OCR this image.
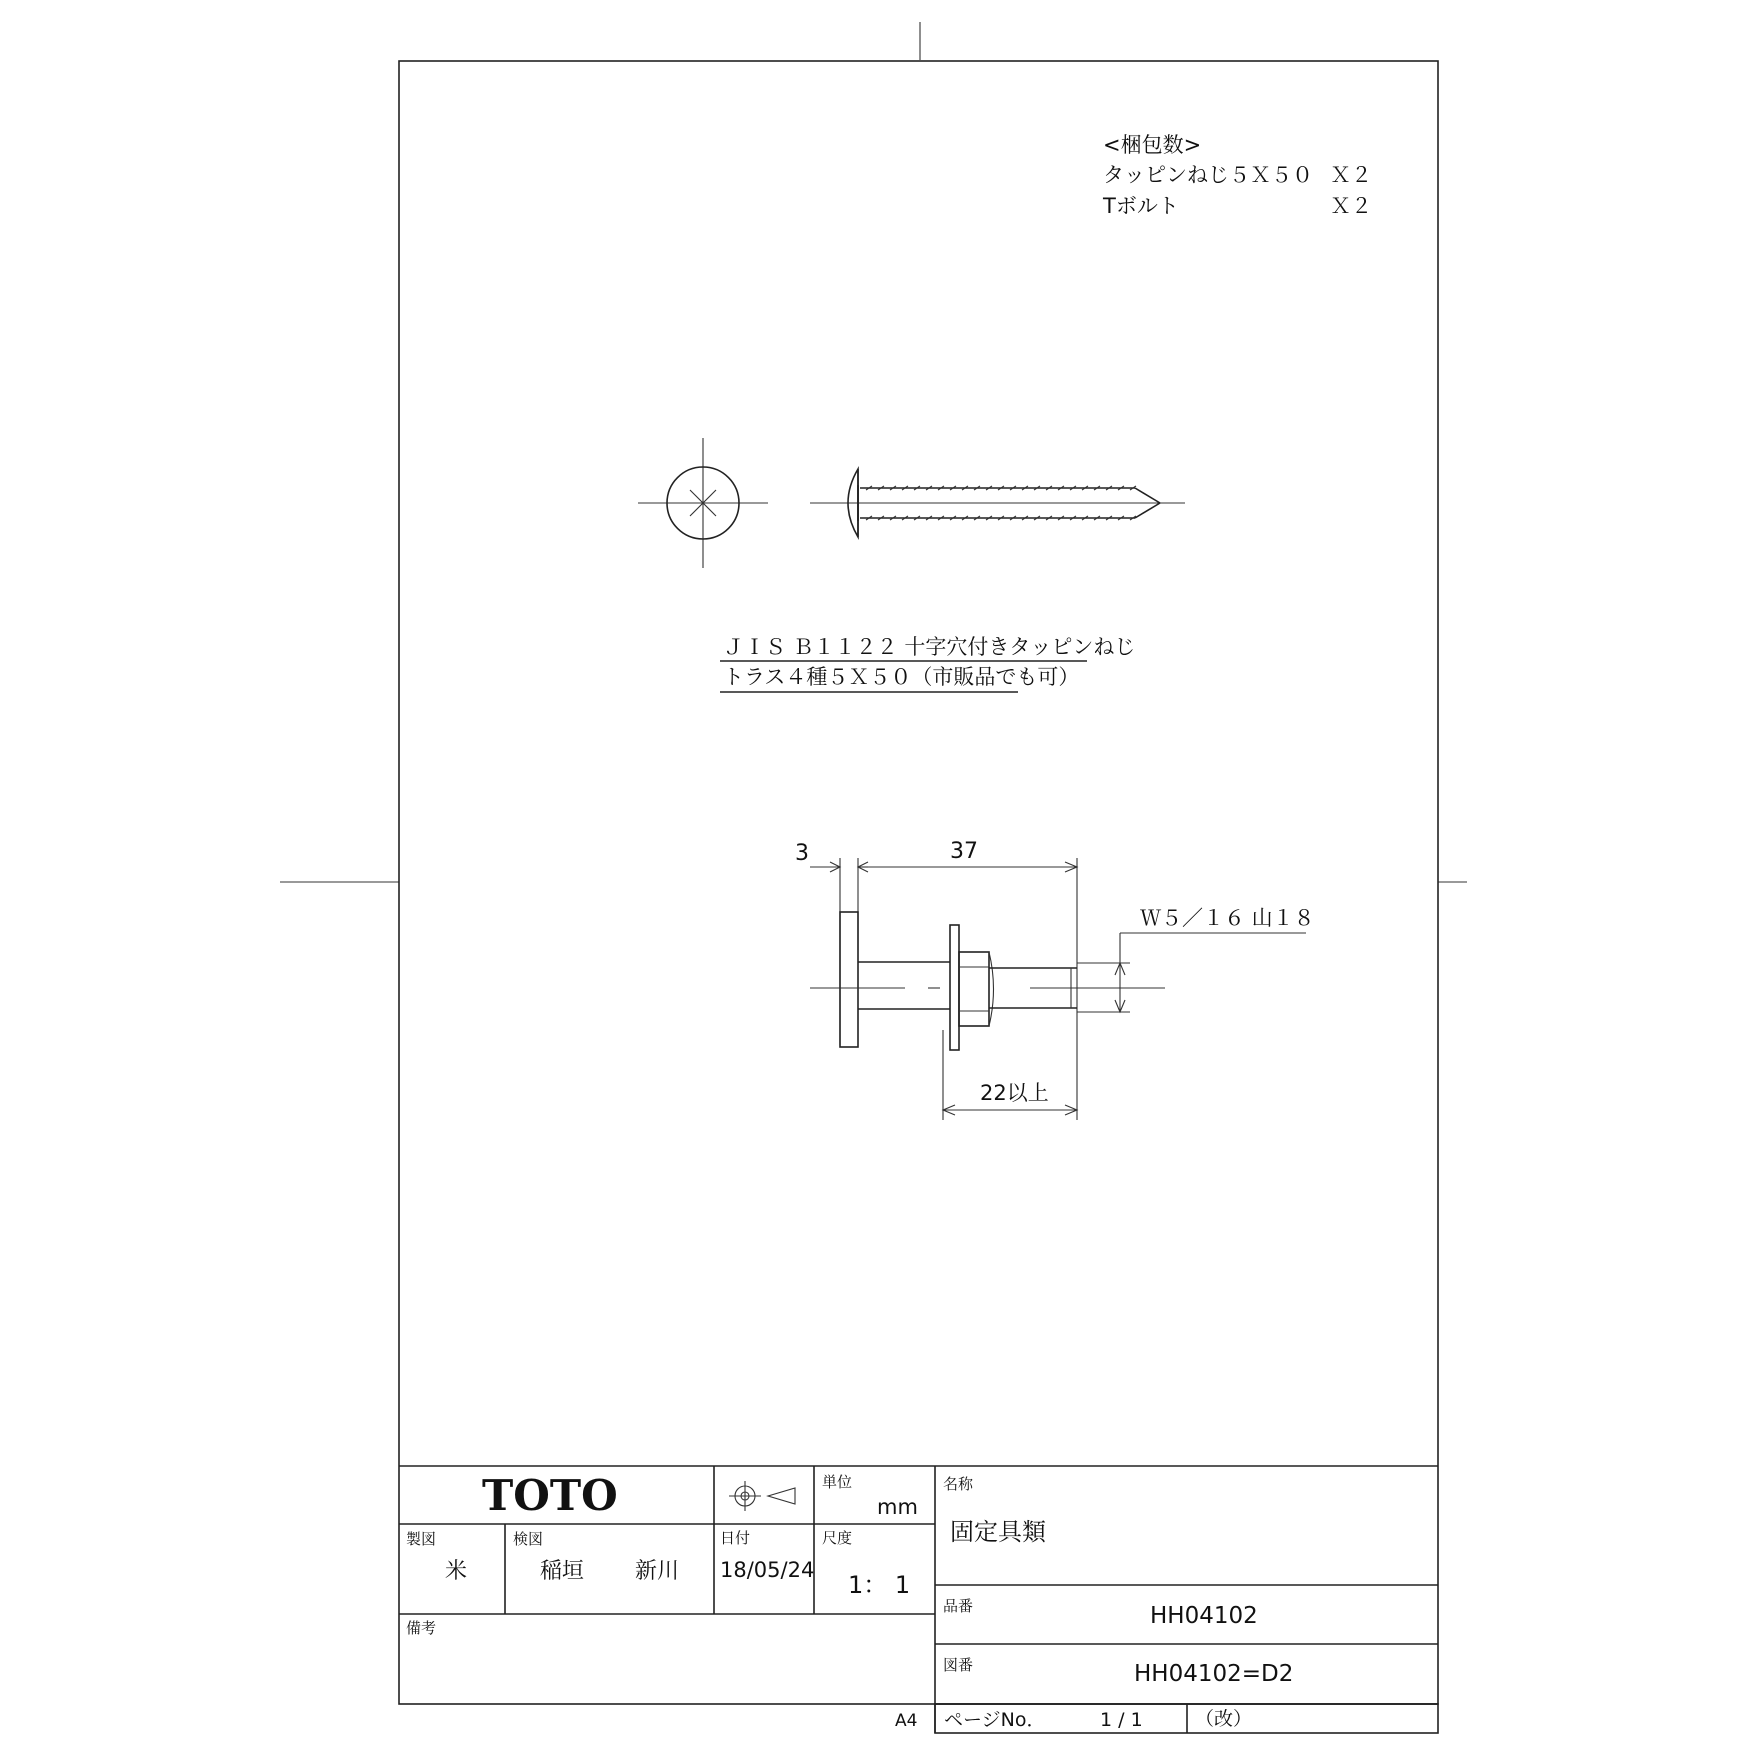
<梱包数>
タッピンねじ５Ｘ５０ Ｘ２
Tボルト	Ｘ２
ＪＩＳ Ｂ１１２２ 十字穴付きタッピンねじ
トラス４種５Ｘ５０（市販品でも可）
3	37
Ｗ５／１６ 山１８
22以上
TOTO	単位
mm
名称
固定具類
製図
米
検図
稲垣 新川
日付
18/05/24
尺度
1： 1
品番	HH04102
図番	HH04102=D2
備考
A4 ページNo．	1 / 1	（改）
